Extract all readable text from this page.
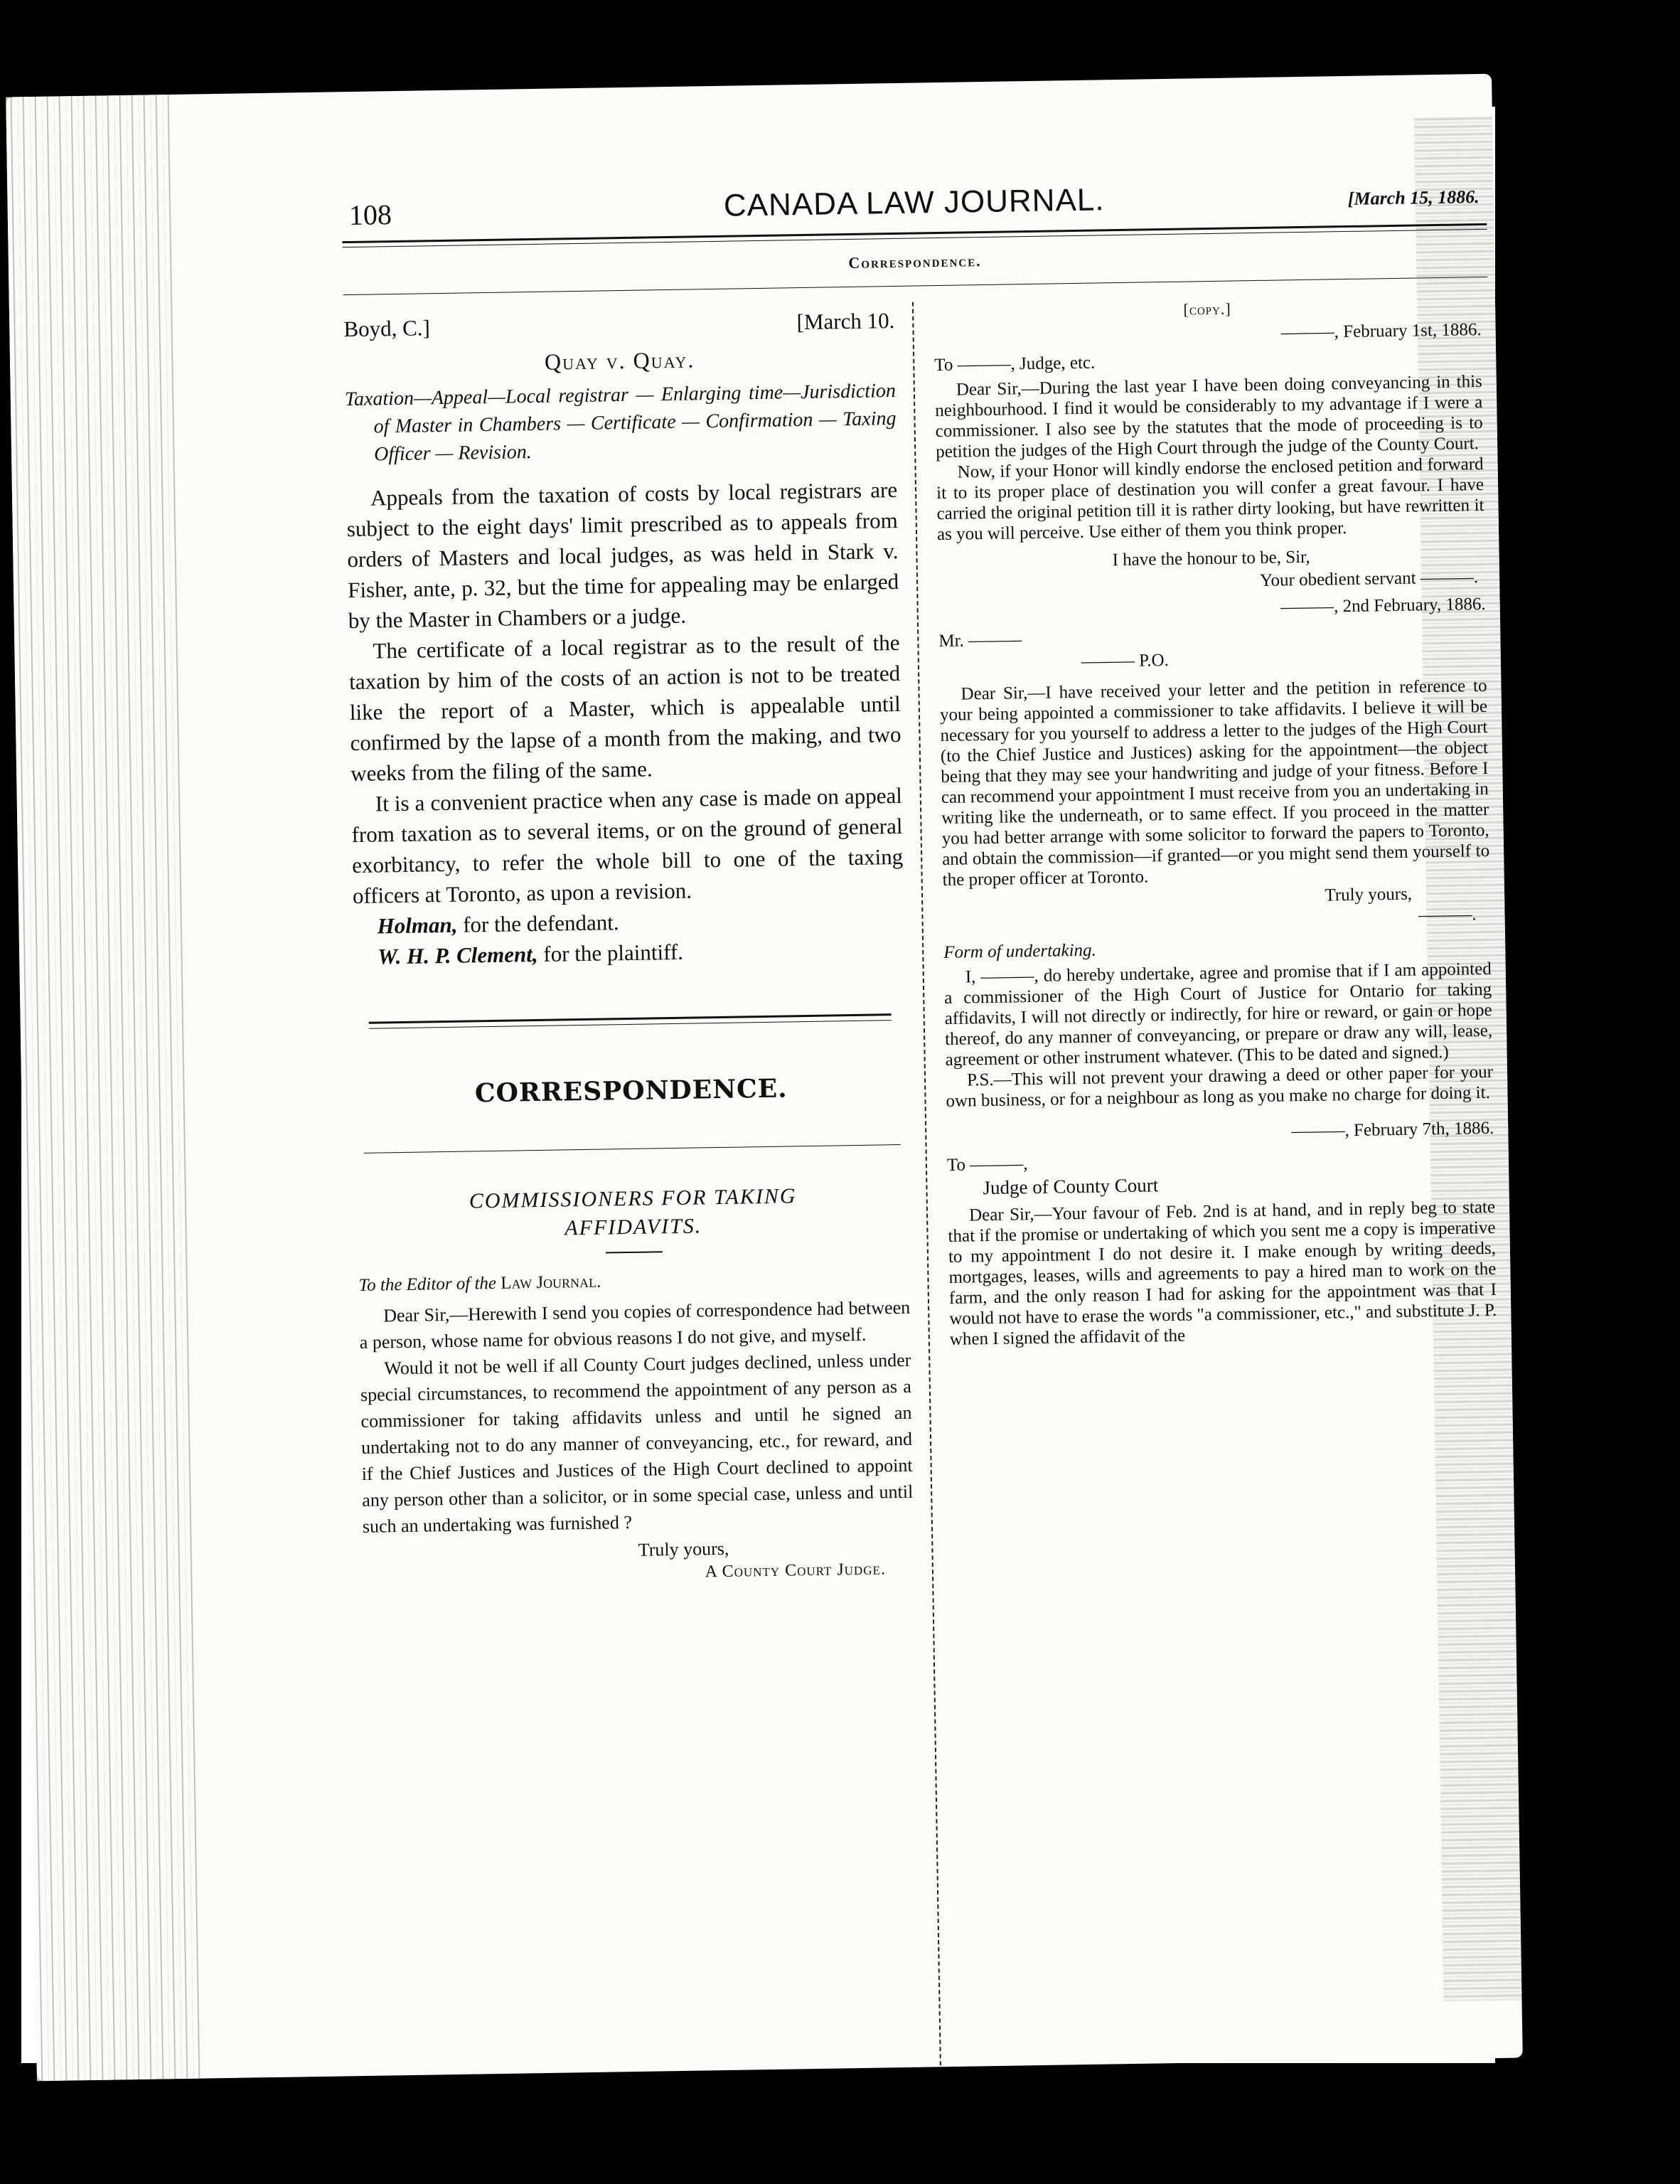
108	CANADA LAW JOURNAL.	[March 15, 1886.
Correspondence.
Boyd, C.]	[March 10.
Quay v. Quay.

Taxation—Appeal—Local registrar — Enlarging time—Jurisdiction of Master in Chambers — Certificate — Confirmation — Taxing Officer — Revision.

Appeals from the taxation of costs by local registrars are subject to the eight days' limit prescribed as to appeals from orders of Masters and local judges, as was held in Stark v. Fisher, ante, p. 32, but the time for appealing may be enlarged by the Master in Chambers or a judge.

The certificate of a local registrar as to the result of the taxation by him of the costs of an action is not to be treated like the report of a Master, which is appealable until confirmed by the lapse of a month from the making, and two weeks from the filing of the same.

It is a convenient practice when any case is made on appeal from taxation as to several items, or on the ground of general exorbitancy, to refer the whole bill to one of the taxing officers at Toronto, as upon a revision.

Holman, for the defendant.

W. H. P. Clement, for the plaintiff.

CORRESPONDENCE.
COMMISSIONERS FOR TAKING
AFFIDAVITS.

To the Editor of the Law Journal.

Dear Sir,—Herewith I send you copies of correspondence had between a person, whose name for obvious reasons I do not give, and myself.

Would it not be well if all County Court judges declined, unless under special circumstances, to recommend the appointment of any person as a commissioner for taking affidavits unless and until he signed an undertaking not to do any manner of conveyancing, etc., for reward, and if the Chief Justices and Justices of the High Court declined to appoint any person other than a solicitor, or in some special case, unless and until such an undertaking was furnished ?

Truly yours,
A County Court Judge.
[copy.]
———, February 1st, 1886.
To ———, Judge, etc.

Dear Sir,—During the last year I have been doing conveyancing in this neighbourhood. I find it would be considerably to my advantage if I were a commissioner. I also see by the statutes that the mode of proceeding is to petition the judges of the High Court through the judge of the County Court.

Now, if your Honor will kindly endorse the enclosed petition and forward it to its proper place of destination you will confer a great favour. I have carried the original petition till it is rather dirty looking, but have rewritten it as you will perceive. Use either of them you think proper.

I have the honour to be, Sir,
Your obedient servant ———.
———, 2nd February, 1886.
Mr. ———
——— P.O.

Dear Sir,—I have received your letter and the petition in reference to your being appointed a commissioner to take affidavits. I believe it will be necessary for you yourself to address a letter to the judges of the High Court (to the Chief Justice and Justices) asking for the appointment—the object being that they may see your handwriting and judge of your fitness. Before I can recommend your appointment I must receive from you an undertaking in writing like the underneath, or to same effect. If you proceed in the matter you had better arrange with some solicitor to forward the papers to Toronto, and obtain the commission—if granted—or you might send them yourself to the proper officer at Toronto.

Truly yours,
———.
Form of undertaking.

I, ———, do hereby undertake, agree and promise that if I am appointed a commissioner of the High Court of Justice for Ontario for taking affidavits, I will not directly or indirectly, for hire or reward, or gain or hope thereof, do any manner of conveyancing, or prepare or draw any will, lease, agreement or other instrument whatever. (This to be dated and signed.)

P.S.—This will not prevent your drawing a deed or other paper for your own business, or for a neighbour as long as you make no charge for doing it.

———, February 7th, 1886.
To ———,
Judge of County Court

Dear Sir,—Your favour of Feb. 2nd is at hand, and in reply beg to state that if the promise or undertaking of which you sent me a copy is imperative to my appointment I do not desire it. I make enough by writing deeds, mortgages, leases, wills and agreements to pay a hired man to work on the farm, and the only reason I had for asking for the appointment was that I would not have to erase the words "a commissioner, etc.," and substitute J. P. when I signed the affidavit of the
